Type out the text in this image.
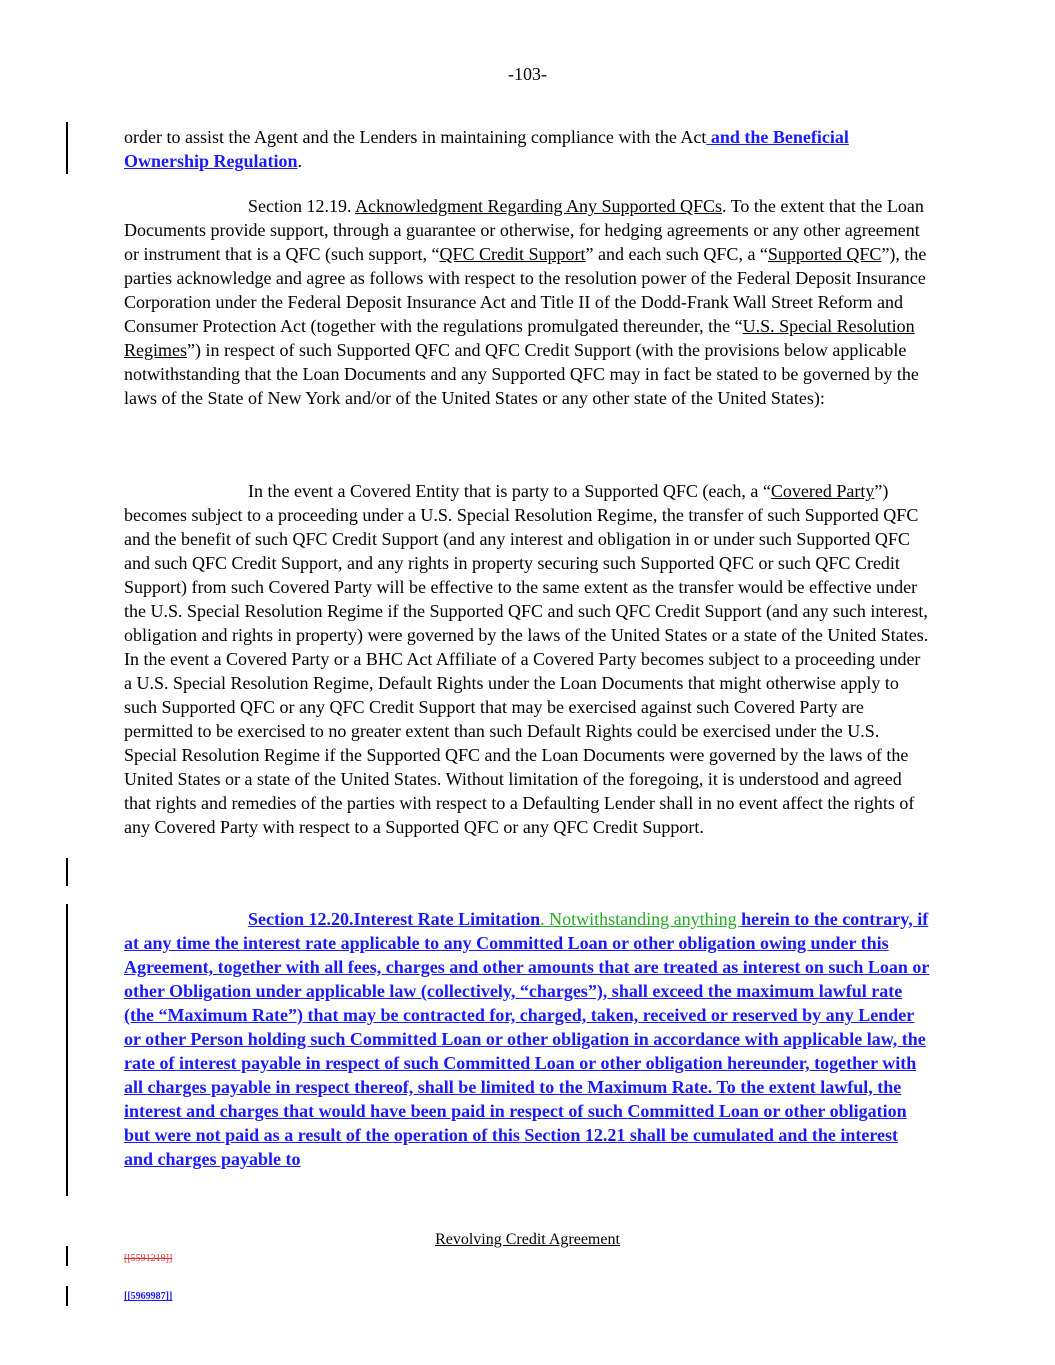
-103-
order to assist the Agent and the Lenders in maintaining compliance with the Act and the Beneficial Ownership Regulation.
Section 12.19. Acknowledgment Regarding Any Supported QFCs. To the extent that the Loan Documents provide support, through a guarantee or otherwise, for hedging agreements or any other agreement or instrument that is a QFC (such support, “QFC Credit Support” and each such QFC, a “Supported QFC”), the parties acknowledge and agree as follows with respect to the resolution power of the Federal Deposit Insurance Corporation under the Federal Deposit Insurance Act and Title II of the Dodd-Frank Wall Street Reform and Consumer Protection Act (together with the regulations promulgated thereunder, the “U.S. Special Resolution Regimes”) in respect of such Supported QFC and QFC Credit Support (with the provisions below applicable notwithstanding that the Loan Documents and any Supported QFC may in fact be stated to be governed by the laws of the State of New York and/or of the United States or any other state of the United States):
In the event a Covered Entity that is party to a Supported QFC (each, a “Covered Party”) becomes subject to a proceeding under a U.S. Special Resolution Regime, the transfer of such Supported QFC and the benefit of such QFC Credit Support (and any interest and obligation in or under such Supported QFC and such QFC Credit Support, and any rights in property securing such Supported QFC or such QFC Credit Support) from such Covered Party will be effective to the same extent as the transfer would be effective under the U.S. Special Resolution Regime if the Supported QFC and such QFC Credit Support (and any such interest, obligation and rights in property) were governed by the laws of the United States or a state of the United States. In the event a Covered Party or a BHC Act Affiliate of a Covered Party becomes subject to a proceeding under a U.S. Special Resolution Regime, Default Rights under the Loan Documents that might otherwise apply to such Supported QFC or any QFC Credit Support that may be exercised against such Covered Party are permitted to be exercised to no greater extent than such Default Rights could be exercised under the U.S. Special Resolution Regime if the Supported QFC and the Loan Documents were governed by the laws of the United States or a state of the United States. Without limitation of the foregoing, it is understood and agreed that rights and remedies of the parties with respect to a Defaulting Lender shall in no event affect the rights of any Covered Party with respect to a Supported QFC or any QFC Credit Support.
Section 12.20.Interest Rate Limitation. Notwithstanding anything herein to the contrary, if at any time the interest rate applicable to any Committed Loan or other obligation owing under this Agreement, together with all fees, charges and other amounts that are treated as interest on such Loan or other Obligation under applicable law (collectively, “charges”), shall exceed the maximum lawful rate (the “Maximum Rate”) that may be contracted for, charged, taken, received or reserved by any Lender or other Person holding such Committed Loan or other obligation in accordance with applicable law, the rate of interest payable in respect of such Committed Loan or other obligation hereunder, together with all charges payable in respect thereof, shall be limited to the Maximum Rate. To the extent lawful, the interest and charges that would have been paid in respect of such Committed Loan or other obligation but were not paid as a result of the operation of this Section 12.21 shall be cumulated and the interest and charges payable to
Revolving Credit Agreement
[[5591219]]
[[5969987]]
